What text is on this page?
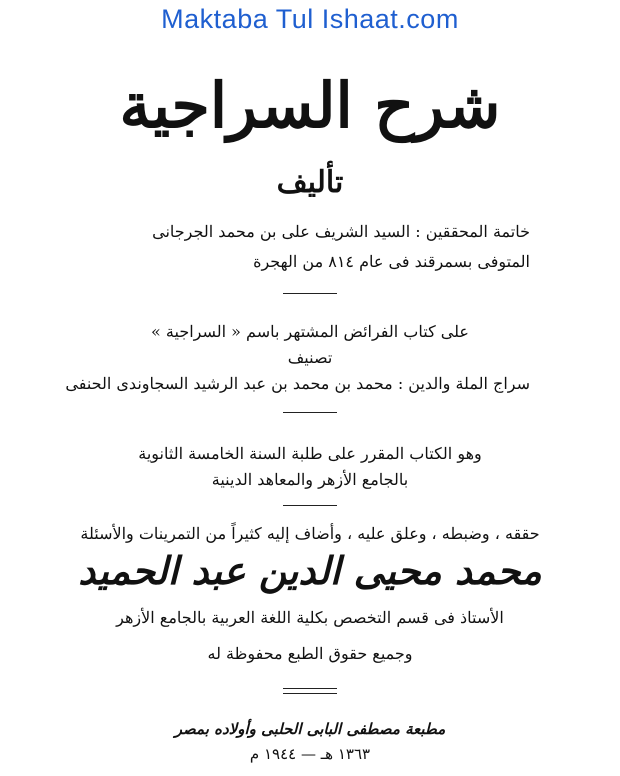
Maktaba Tul Ishaat.com
شرح السراجية
تأليف
خاتمة المحققين : السيد الشريف على بن محمد الجرجانى
المتوفى بسمرقند فى عام ٨١٤ من الهجرة
على كتاب الفرائض المشتهر باسم « السراجية »
تصنيف
سراج الملة والدين : محمد بن محمد بن عبد الرشيد السجاوندى الحنفى
وهو الكتاب المقرر على طلبة السنة الخامسة الثانوية
بالجامع الأزهر والمعاهد الدينية
حققه ، وضبطه ، وعلق عليه ، وأضاف إليه كثيراً من التمرينات والأسئلة
محمد محيى الدين عبد الحميد
الأستاذ فى قسم التخصص بكلية اللغة العربية بالجامع الأزهر
وجميع حقوق الطبع محفوظة له
مطبعة مصطفى البابى الحلبى وأولاده بمصر
١٣٦٣ هـ — ١٩٤٤ م
